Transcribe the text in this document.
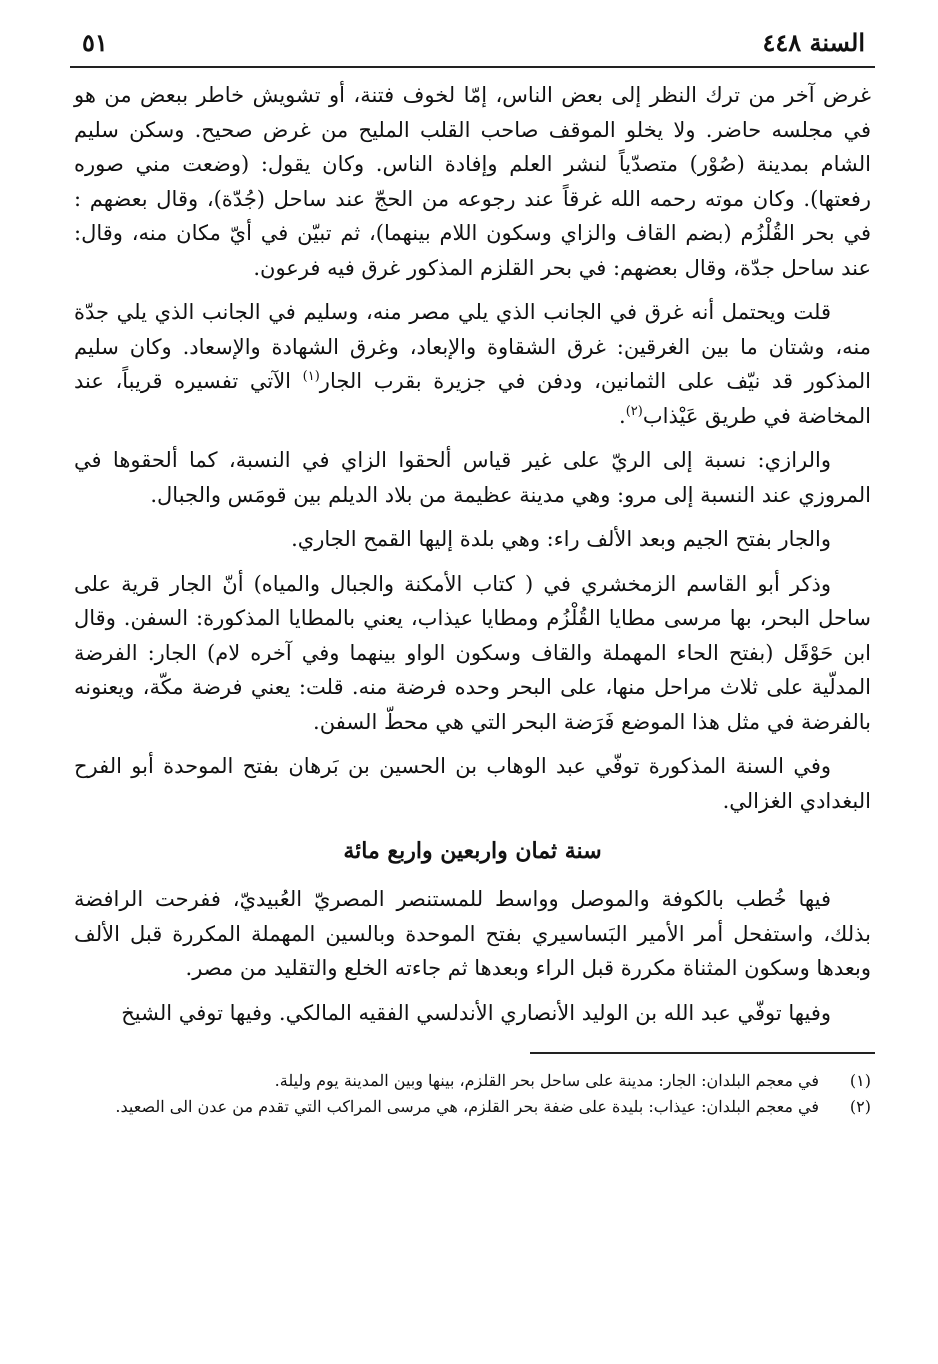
السنة ٤٤٨
٥١

غرض آخر من ترك النظر إلى بعض الناس، إمّا لخوف فتنة، أو تشويش خاطر ببعض من هو في مجلسه حاضر. ولا يخلو الموقف صاحب القلب المليح من غرض صحيح. وسكن سليم الشام بمدينة (صُوْر) متصدّياً لنشر العلم وإفادة الناس. وكان يقول: (وضعت مني صوره رفعتها). وكان موته رحمه الله غرقاً عند رجوعه من الحجّ عند ساحل (جُدّة)، وقال بعضهم : في بحر القُلْزُم (بضم القاف والزاي وسكون اللام بينهما)، ثم تبيّن في أيّ مكان منه، وقال: عند ساحل جدّة، وقال بعضهم: في بحر القلزم المذكور غرق فيه فرعون.

قلت ويحتمل أنه غرق في الجانب الذي يلي مصر منه، وسليم في الجانب الذي يلي جدّة منه، وشتان ما بين الغرقين: غرق الشقاوة والإبعاد، وغرق الشهادة والإسعاد. وكان سليم المذكور قد نيّف على الثمانين، ودفن في جزيرة بقرب الجار$^{(١)}$ الآتي تفسيره قريباً، عند المخاضة في طريق عَيْذاب$^{(٢)}$.

والرازي: نسبة إلى الريّ على غير قياس ألحقوا الزاي في النسبة، كما ألحقوها في المروزي عند النسبة إلى مرو: وهي مدينة عظيمة من بلاد الديلم بين قومَس والجبال.

والجار بفتح الجيم وبعد الألف راء: وهي بلدة إليها القمح الجاري.

وذكر أبو القاسم الزمخشري في ( كتاب الأمكنة والجبال والمياه) أنّ الجار قرية على ساحل البحر، بها مرسى مطايا القُلْزُم ومطايا عيذاب، يعني بالمطايا المذكورة: السفن. وقال ابن حَوْقَل (بفتح الحاء المهملة والقاف وسكون الواو بينهما وفي آخره لام) الجار: الفرضة المدلّية على ثلاث مراحل منها، على البحر وحده فرضة منه. قلت: يعني فرضة مكّة، ويعنونه بالفرضة في مثل هذا الموضع فَرَضة البحر التي هي محطّ السفن.

وفي السنة المذكورة توفّي عبد الوهاب بن الحسين بن بَرهان بفتح الموحدة أبو الفرح البغدادي الغزالي.

سنة ثمان واربعين واربع مائة

فيها خُطب بالكوفة والموصل وواسط للمستنصر المصريّ العُبيديّ، ففرحت الرافضة بذلك، واستفحل أمر الأمير البَساسيري بفتح الموحدة وبالسين المهملة المكررة قبل الألف وبعدها وسكون المثناة مكررة قبل الراء وبعدها ثم جاءته الخلع والتقليد من مصر.

وفيها توفّي عبد الله بن الوليد الأنصاري الأندلسي الفقيه المالكي. وفيها توفي الشيخ

(١)
في معجم البلدان: الجار: مدينة على ساحل بحر القلزم، بينها وبين المدينة يوم وليلة.
(٢)
في معجم البلدان: عيذاب: بليدة على ضفة بحر القلزم، هي مرسى المراكب التي تقدم من عدن الى الصعيد.
